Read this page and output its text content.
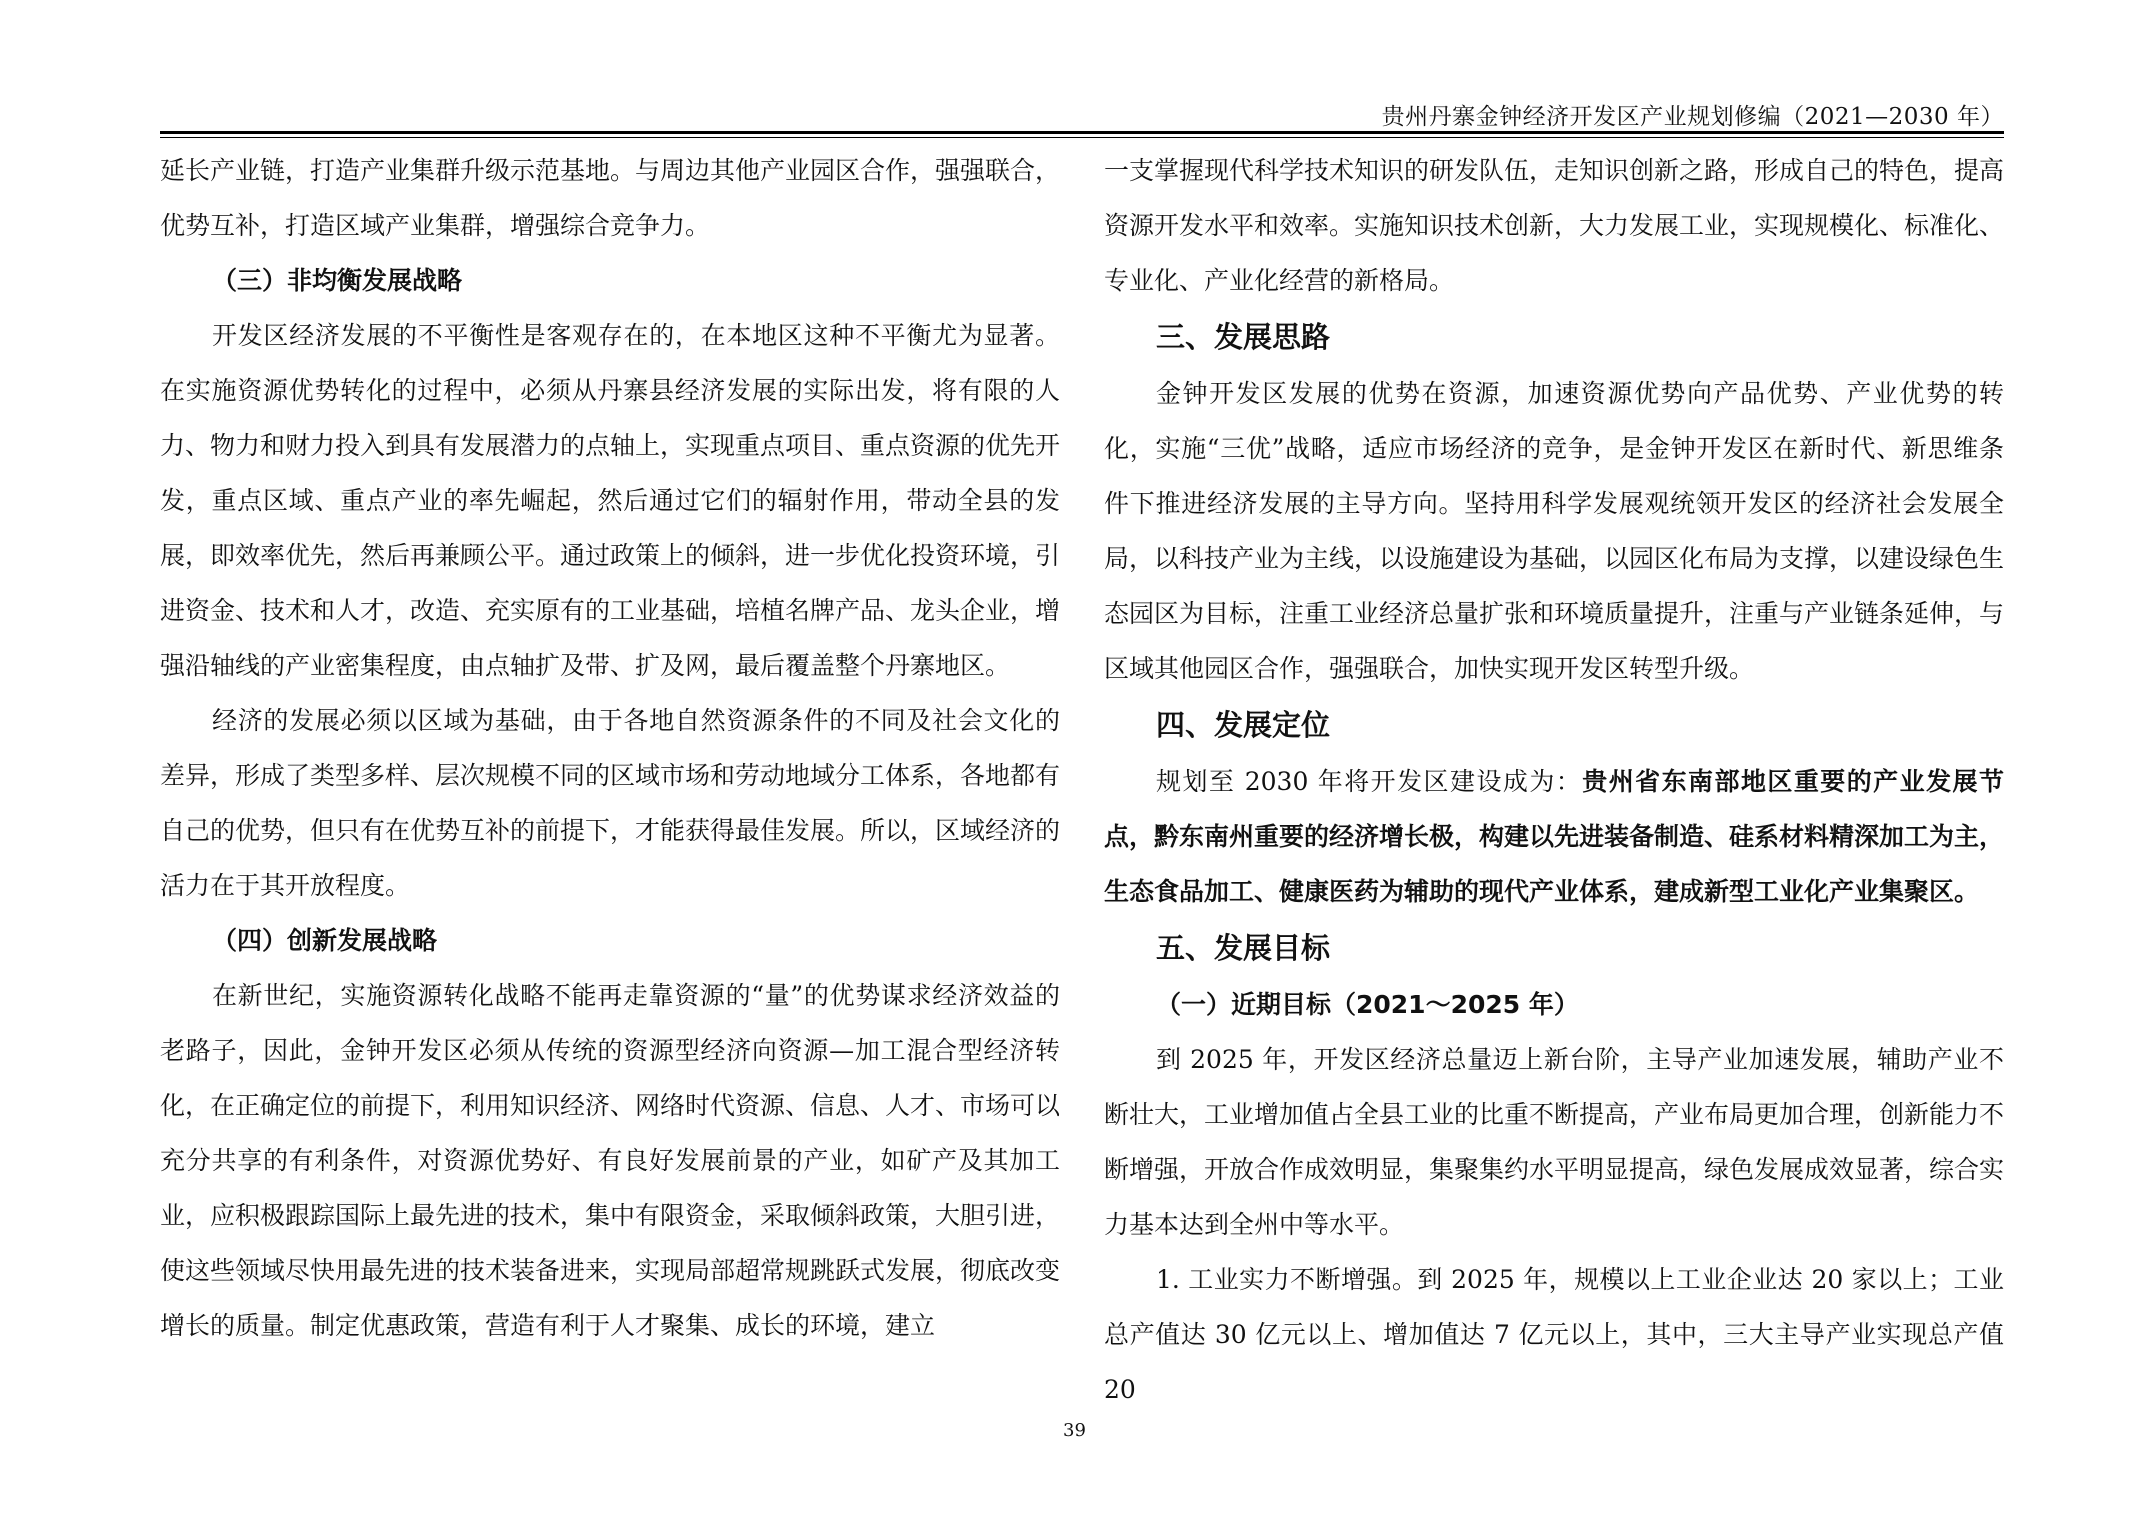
贵州丹寨金钟经济开发区产业规划修编（2021—2030 年）

延长产业链，打造产业集群升级示范基地。与周边其他产业园区合作，强强联合，优势互补，打造区域产业集群，增强综合竞争力。

（三）非均衡发展战略

开发区经济发展的不平衡性是客观存在的，在本地区这种不平衡尤为显著。在实施资源优势转化的过程中，必须从丹寨县经济发展的实际出发，将有限的人力、物力和财力投入到具有发展潜力的点轴上，实现重点项目、重点资源的优先开发，重点区域、重点产业的率先崛起，然后通过它们的辐射作用，带动全县的发展，即效率优先，然后再兼顾公平。通过政策上的倾斜，进一步优化投资环境，引进资金、技术和人才，改造、充实原有的工业基础，培植名牌产品、龙头企业，增强沿轴线的产业密集程度，由点轴扩及带、扩及网，最后覆盖整个丹寨地区。

经济的发展必须以区域为基础，由于各地自然资源条件的不同及社会文化的差异，形成了类型多样、层次规模不同的区域市场和劳动地域分工体系，各地都有自己的优势，但只有在优势互补的前提下，才能获得最佳发展。所以，区域经济的活力在于其开放程度。

（四）创新发展战略

在新世纪，实施资源转化战略不能再走靠资源的“量”的优势谋求经济效益的老路子，因此，金钟开发区必须从传统的资源型经济向资源—加工混合型经济转化，在正确定位的前提下，利用知识经济、网络时代资源、信息、人才、市场可以充分共享的有利条件，对资源优势好、有良好发展前景的产业，如矿产及其加工业，应积极跟踪国际上最先进的技术，集中有限资金，采取倾斜政策，大胆引进，使这些领域尽快用最先进的技术装备进来，实现局部超常规跳跃式发展，彻底改变增长的质量。制定优惠政策，营造有利于人才聚集、成长的环境，建立

一支掌握现代科学技术知识的研发队伍，走知识创新之路，形成自己的特色，提高资源开发水平和效率。实施知识技术创新，大力发展工业，实现规模化、标准化、专业化、产业化经营的新格局。

三、发展思路

金钟开发区发展的优势在资源，加速资源优势向产品优势、产业优势的转化，实施“三优”战略，适应市场经济的竞争，是金钟开发区在新时代、新思维条件下推进经济发展的主导方向。坚持用科学发展观统领开发区的经济社会发展全局，以科技产业为主线，以设施建设为基础，以园区化布局为支撑，以建设绿色生态园区为目标，注重工业经济总量扩张和环境质量提升，注重与产业链条延伸，与区域其他园区合作，强强联合，加快实现开发区转型升级。

四、发展定位

规划至 2030 年将开发区建设成为：贵州省东南部地区重要的产业发展节点，黔东南州重要的经济增长极，构建以先进装备制造、硅系材料精深加工为主，生态食品加工、健康医药为辅助的现代产业体系，建成新型工业化产业集聚区。

五、发展目标

（一）近期目标（2021～2025 年）

到 2025 年，开发区经济总量迈上新台阶，主导产业加速发展，辅助产业不断壮大，工业增加值占全县工业的比重不断提高，产业布局更加合理，创新能力不断增强，开放合作成效明显，集聚集约水平明显提高，绿色发展成效显著，综合实力基本达到全州中等水平。

1. 工业实力不断增强。到 2025 年，规模以上工业企业达 20 家以上；工业总产值达 30 亿元以上、增加值达 7 亿元以上，其中，三大主导产业实现总产值 20

39
